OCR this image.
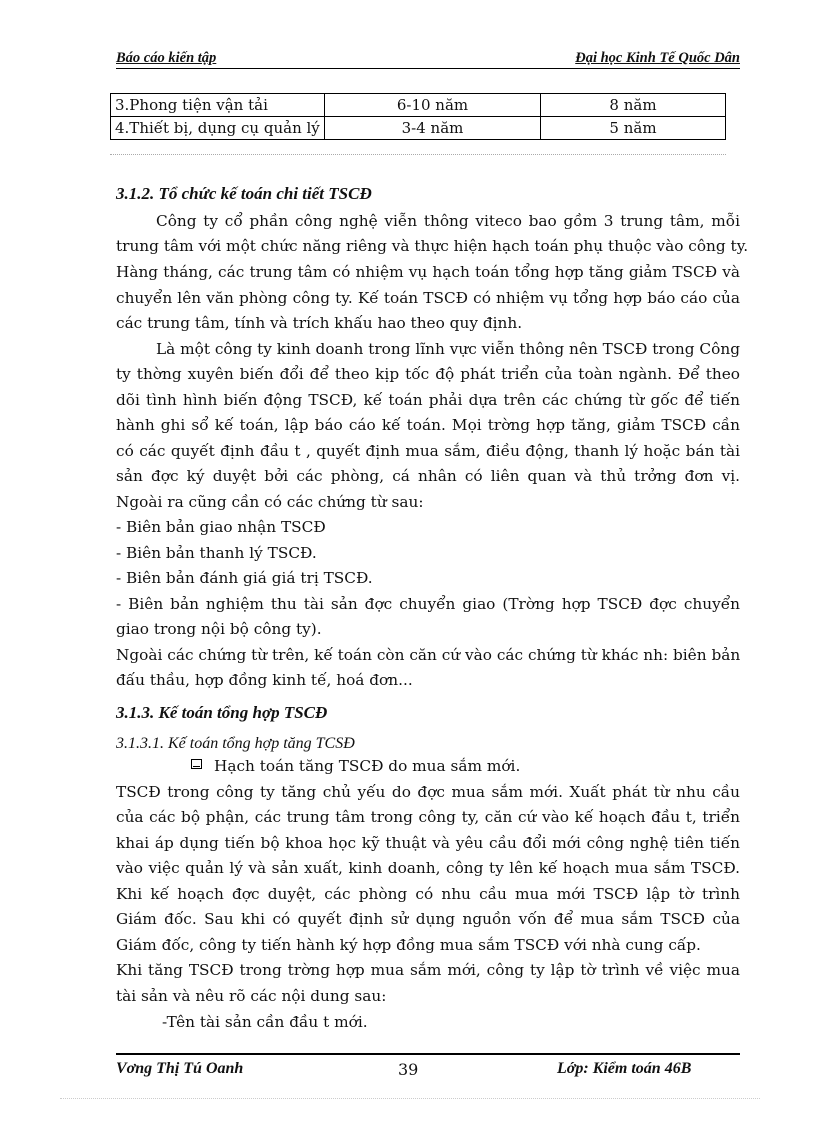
Báo cáo kiến tập	Đại học Kinh Tế Quốc Dân
3.Phong tiện vận tải	6-10 năm	8 năm
4.Thiết bị, dụng cụ quản lý	3-4 năm	5 năm
3.1.2. Tổ chức kế toán chi tiết TSCĐ
Công ty cổ phần công nghệ viễn thông viteco bao gồm 3 trung tâm, mỗi
trung tâm với một chức năng riêng và thực hiện hạch toán phụ thuộc vào công ty.
Hàng tháng, các trung tâm có nhiệm vụ hạch toán tổng hợp tăng giảm TSCĐ và
chuyển lên văn phòng công ty. Kế toán TSCĐ có nhiệm vụ tổng hợp báo cáo của
các trung tâm, tính và trích khấu hao theo quy định.
Là một công ty kinh doanh trong lĩnh vực viễn thông nên TSCĐ trong Công
ty thờng xuyên biến đổi để theo kịp tốc độ phát triển của toàn ngành. Để theo
dõi tình hình biến động TSCĐ, kế toán phải dựa trên các chứng từ gốc để tiến
hành ghi sổ kế toán, lập báo cáo kế toán. Mọi trờng hợp tăng, giảm TSCĐ cần
có các quyết định đầu t , quyết định mua sắm, điều động, thanh lý hoặc bán tài
sản đợc ký duyệt bởi các phòng, cá nhân có liên quan và thủ trởng đơn vị.
Ngoài ra cũng cần có các chứng từ sau:
- Biên bản giao nhận TSCĐ
- Biên bản thanh lý TSCĐ.
- Biên bản đánh giá giá trị TSCĐ.
- Biên bản nghiệm thu tài sản đợc chuyển giao (Trờng hợp TSCĐ đợc chuyển
giao trong nội bộ công ty).
Ngoài các chứng từ trên, kế toán còn căn cứ vào các chứng từ khác nh: biên bản
đấu thầu, hợp đồng kinh tế, hoá đơn...
3.1.3. Kế toán tổng hợp TSCĐ
3.1.3.1. Kế toán tổng hợp tăng TCSĐ
Hạch toán tăng TSCĐ do mua sắm mới.
TSCĐ trong công ty tăng chủ yếu do đợc mua sắm mới. Xuất phát từ nhu cầu
của các bộ phận, các trung tâm trong công ty, căn cứ vào kế hoạch đầu t, triển
khai áp dụng tiến bộ khoa học kỹ thuật và yêu cầu đổi mới công nghệ tiên tiến
vào việc quản lý và sản xuất, kinh doanh, công ty lên kế hoạch mua sắm TSCĐ.
Khi kế hoạch đợc duyệt, các phòng có nhu cầu mua mới TSCĐ lập tờ trình
Giám đốc. Sau khi có quyết định sử dụng nguồn vốn để mua sắm TSCĐ của
Giám đốc, công ty tiến hành ký hợp đồng mua sắm TSCĐ với nhà cung cấp.
Khi tăng TSCĐ trong trờng hợp mua sắm mới, công ty lập tờ trình về việc mua
tài sản và nêu rõ các nội dung sau:
-Tên tài sản cần đầu t mới.
Vơng Thị Tú Oanh	39	Lớp: Kiểm toán 46B
